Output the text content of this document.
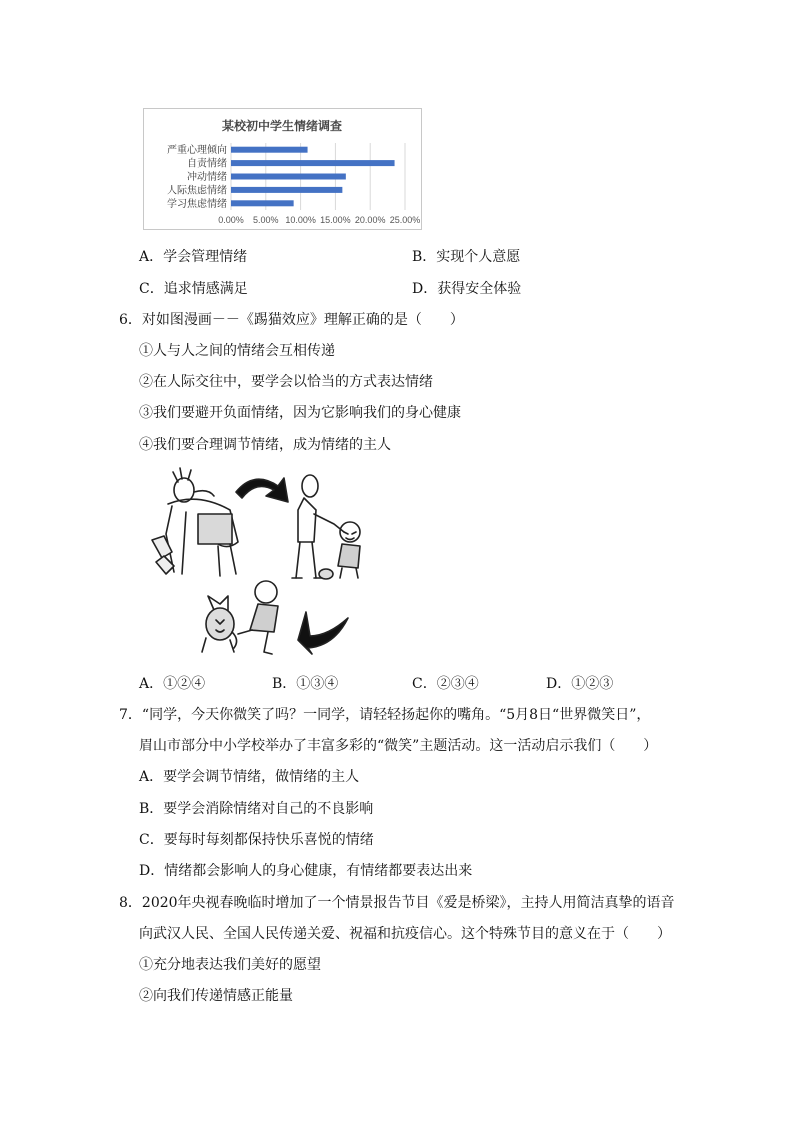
某校初中学生情绪调查
0.00% 5.00% 10.00% 15.00% 20.00% 25.00%
严重心理倾向
自责情绪
冲动情绪
人际焦虑情绪
学习焦虑情绪
A．学会管理情绪	B．实现个人意愿
C．追求情感满足	D．获得安全体验
6．对如图漫画－－《踢猫效应》理解正确的是（　　）
①人与人之间的情绪会互相传递
②在人际交往中，要学会以恰当的方式表达情绪
③我们要避开负面情绪，因为它影响我们的身心健康
④我们要合理调节情绪，成为情绪的主人
A．①②④	B．①③④	C．②③④	D．①②③
7．“同学，今天你微笑了吗？一同学，请轻轻扬起你的嘴角。“5月8日“世界微笑日”，
眉山市部分中小学校举办了丰富多彩的“微笑”主题活动。这一活动启示我们（　　）
A．要学会调节情绪，做情绪的主人
B．要学会消除情绪对自己的不良影响
C．要每时每刻都保持快乐喜悦的情绪
D．情绪都会影响人的身心健康，有情绪都要表达出来
8．2020年央视春晚临时增加了一个情景报告节目《爱是桥梁》，主持人用简洁真挚的语音
向武汉人民、全国人民传递关爱、祝福和抗疫信心。这个特殊节目的意义在于（　　）
①充分地表达我们美好的愿望
②向我们传递情感正能量
